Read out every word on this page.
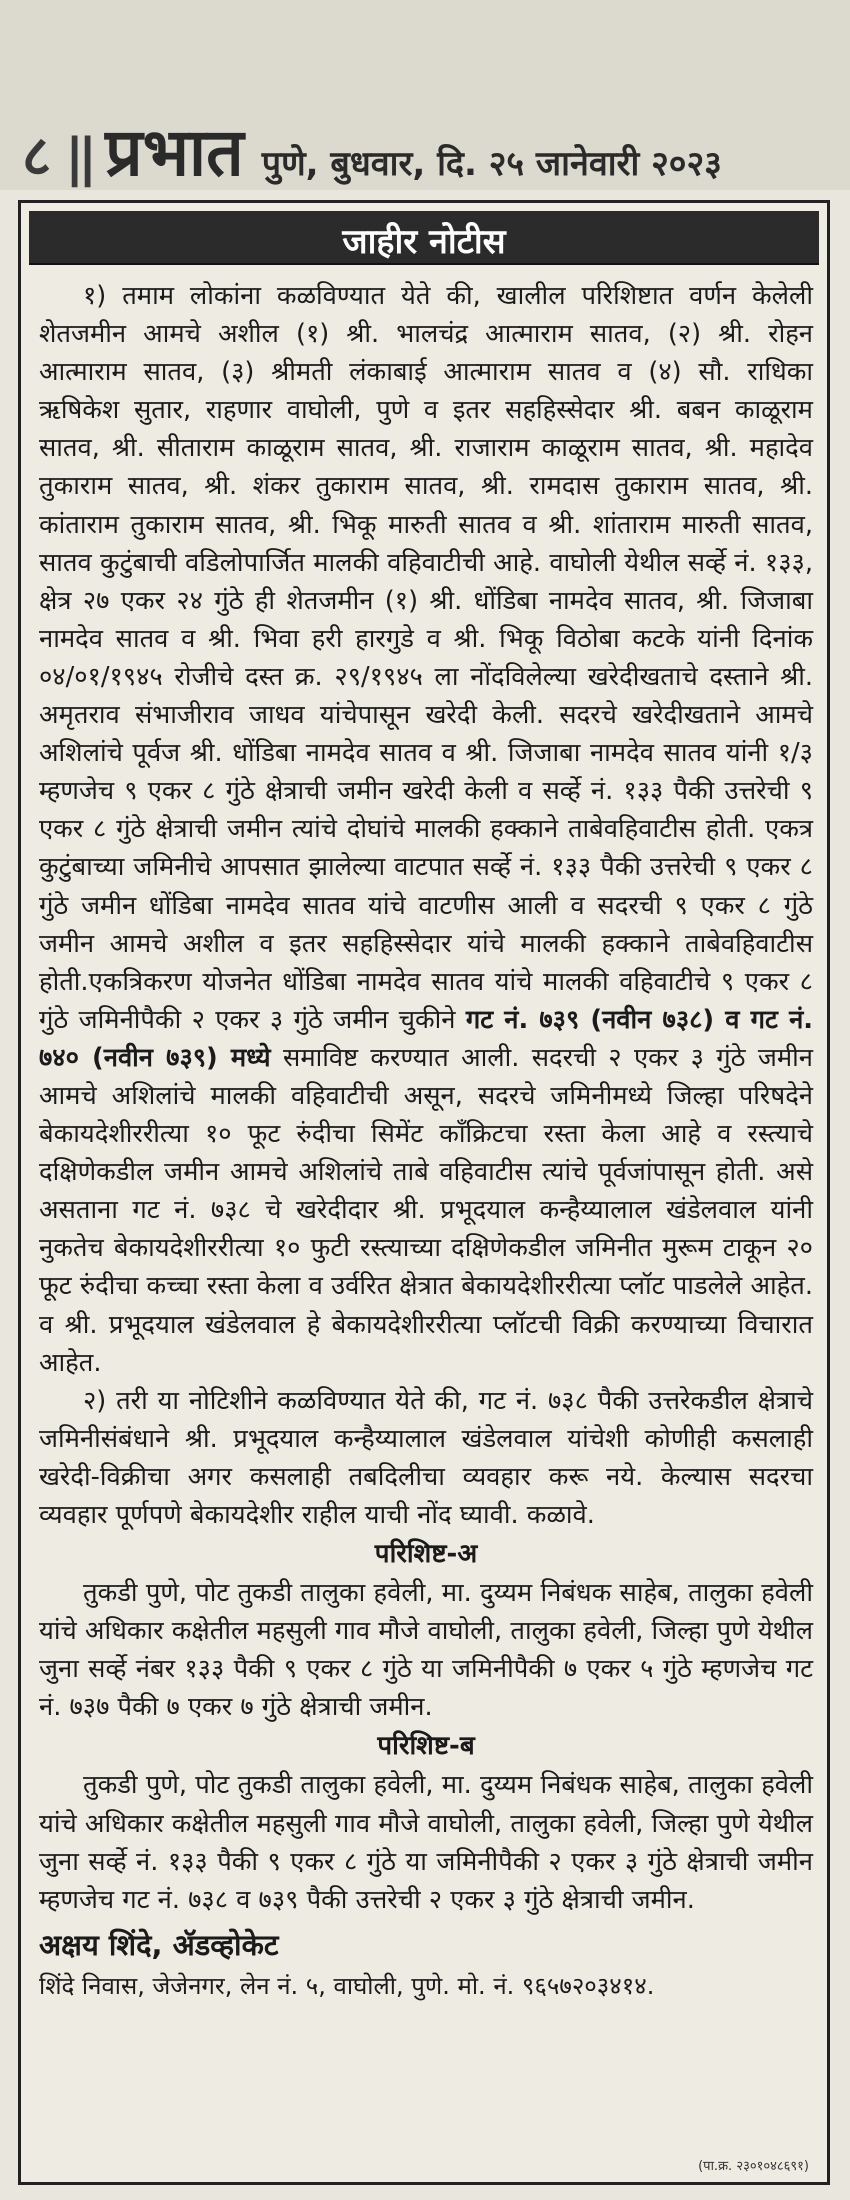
८ || प्रभात पुणे, बुधवार, दि. २५ जानेवारी २०२३
जाहीर नोटीस

१) तमाम लोकांना कळविण्यात येते की, खालील परिशिष्टात वर्णन केलेली शेतजमीन आमचे अशील (१) श्री. भालचंद्र आत्माराम सातव, (२) श्री. रोहन आत्माराम सातव, (३) श्रीमती लंकाबाई आत्माराम सातव व (४) सौ. राधिका ऋषिकेश सुतार, राहणार वाघोली, पुणे व इतर सहहिस्सेदार श्री. बबन काळूराम सातव, श्री. सीताराम काळूराम सातव, श्री. राजाराम काळूराम सातव, श्री. महादेव तुकाराम सातव, श्री. शंकर तुकाराम सातव, श्री. रामदास तुकाराम सातव, श्री. कांताराम तुकाराम सातव, श्री. भिकू मारुती सातव व श्री. शांताराम मारुती सातव, सातव कुटुंबाची वडिलोपार्जित मालकी वहिवाटीची आहे. वाघोली येथील सर्व्हे नं. १३३, क्षेत्र २७ एकर २४ गुंठे ही शेतजमीन (१) श्री. धोंडिबा नामदेव सातव, श्री. जिजाबा नामदेव सातव व श्री. भिवा हरी हारगुडे व श्री. भिकू विठोबा कटके यांनी दिनांक ०४/०१/१९४५ रोजीचे दस्त क्र. २९/१९४५ ला नोंदविलेल्या खरेदीखताचे दस्ताने श्री. अमृतराव संभाजीराव जाधव यांचेपासून खरेदी केली. सदरचे खरेदीखताने आमचे अशिलांचे पूर्वज श्री. धोंडिबा नामदेव सातव व श्री. जिजाबा नामदेव सातव यांनी १/३ म्हणजेच ९ एकर ८ गुंठे क्षेत्राची जमीन खरेदी केली व सर्व्हे नं. १३३ पैकी उत्तरेची ९ एकर ८ गुंठे क्षेत्राची जमीन त्यांचे दोघांचे मालकी हक्काने ताबेवहिवाटीस होती. एकत्र कुटुंबाच्या जमिनीचे आपसात झालेल्या वाटपात सर्व्हे नं. १३३ पैकी उत्तरेची ९ एकर ८ गुंठे जमीन धोंडिबा नामदेव सातव यांचे वाटणीस आली व सदरची ९ एकर ८ गुंठे जमीन आमचे अशील व इतर सहहिस्सेदार यांचे मालकी हक्काने ताबेवहिवाटीस होती.एकत्रिकरण योजनेत धोंडिबा नामदेव सातव यांचे मालकी वहिवाटीचे ९ एकर ८ गुंठे जमिनीपैकी २ एकर ३ गुंठे जमीन चुकीने गट नं. ७३९ (नवीन ७३८) व गट नं. ७४० (नवीन ७३९) मध्ये समाविष्ट करण्यात आली. सदरची २ एकर ३ गुंठे जमीन आमचे अशिलांचे मालकी वहिवाटीची असून, सदरचे जमिनीमध्ये जिल्हा परिषदेने बेकायदेशीररीत्या १० फूट रुंदीचा सिमेंट काँक्रिटचा रस्ता केला आहे व रस्त्याचे दक्षिणेकडील जमीन आमचे अशिलांचे ताबे वहिवाटीस त्यांचे पूर्वजांपासून होती. असे असताना गट नं. ७३८ चे खरेदीदार श्री. प्रभूदयाल कन्हैय्यालाल खंडेलवाल यांनी नुकतेच बेकायदेशीररीत्या १० फुटी रस्त्याच्या दक्षिणेकडील जमिनीत मुरूम टाकून २० फूट रुंदीचा कच्चा रस्ता केला व उर्वरित क्षेत्रात बेकायदेशीररीत्या प्लॉट पाडलेले आहेत. व श्री. प्रभूदयाल खंडेलवाल हे बेकायदेशीररीत्या प्लॉटची विक्री करण्याच्या विचारात आहेत.

२) तरी या नोटिशीने कळविण्यात येते की, गट नं. ७३८ पैकी उत्तरेकडील क्षेत्राचे जमिनीसंबंधाने श्री. प्रभूदयाल कन्हैय्यालाल खंडेलवाल यांचेशी कोणीही कसलाही खरेदी-विक्रीचा अगर कसलाही तबदिलीचा व्यवहार करू नये. केल्यास सदरचा व्यवहार पूर्णपणे बेकायदेशीर राहील याची नोंद घ्यावी. कळावे.

परिशिष्ट-अ

तुकडी पुणे, पोट तुकडी तालुका हवेली, मा. दुय्यम निबंधक साहेब, तालुका हवेली यांचे अधिकार कक्षेतील महसुली गाव मौजे वाघोली, तालुका हवेली, जिल्हा पुणे येथील जुना सर्व्हे नंबर १३३ पैकी ९ एकर ८ गुंठे या जमिनीपैकी ७ एकर ५ गुंठे म्हणजेच गट नं. ७३७ पैकी ७ एकर ७ गुंठे क्षेत्राची जमीन.

परिशिष्ट-ब

तुकडी पुणे, पोट तुकडी तालुका हवेली, मा. दुय्यम निबंधक साहेब, तालुका हवेली यांचे अधिकार कक्षेतील महसुली गाव मौजे वाघोली, तालुका हवेली, जिल्हा पुणे येथील जुना सर्व्हे नं. १३३ पैकी ९ एकर ८ गुंठे या जमिनीपैकी २ एकर ३ गुंठे क्षेत्राची जमीन म्हणजेच गट नं. ७३८ व ७३९ पैकी उत्तरेची २ एकर ३ गुंठे क्षेत्राची जमीन.

अक्षय शिंदे, ॲडव्होकेट

शिंदे निवास, जेजेनगर, लेन नं. ५, वाघोली, पुणे. मो. नं. ९६५७२०३४१४.

(पा.क्र. २३०१०४८६९१)
